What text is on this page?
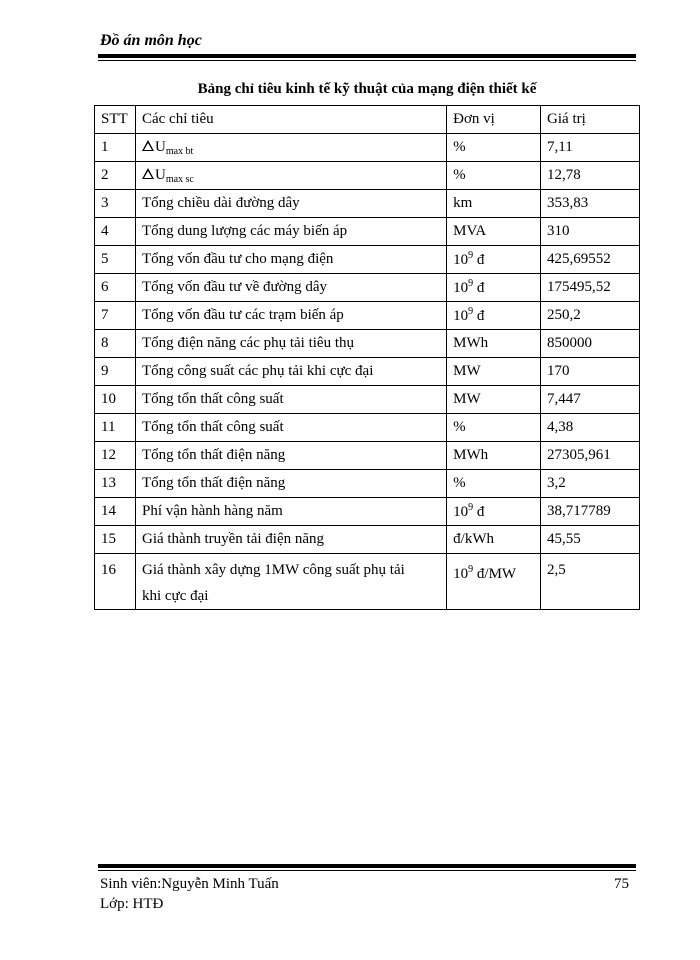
Đồ án môn học
Bảng chỉ tiêu kinh tế kỹ thuật của mạng điện thiết kế
STT	Các chỉ tiêu	Đơn vị	Giá trị
1	$U_{max bt}$	%	7,11
2	$U_{max sc}$	%	12,78
3	Tổng chiều dài đường dây	km	353,83
4	Tổng dung lượng các máy biến áp	MVA	310
5	Tổng vốn đầu tư cho mạng điện	$10^9$ đ	425,69552
6	Tổng vốn đầu tư về đường dây	$10^9$ đ	175495,52
7	Tổng vốn đầu tư các trạm biến áp	$10^9$ đ	250,2
8	Tổng điện năng các phụ tải tiêu thụ	MWh	850000
9	Tổng công suất các phụ tải khi cực đại	MW	170
10	Tổng tổn thất công suất	MW	7,447
11	Tổng tổn thất công suất	%	4,38
12	Tổng tổn thất điện năng	MWh	27305,961
13	Tổng tổn thất điện năng	%	3,2
14	Phí vận hành hàng năm	$10^9$ đ	38,717789
15	Giá thành truyền tải điện năng	đ/kWh	45,55
16	Giá thành xây dựng 1MW công suất phụ tải
khi cực đại	$10^9$ đ/MW	2,5
Sinh viên:Nguyễn Minh Tuấn
Lớp: HTĐ
75
